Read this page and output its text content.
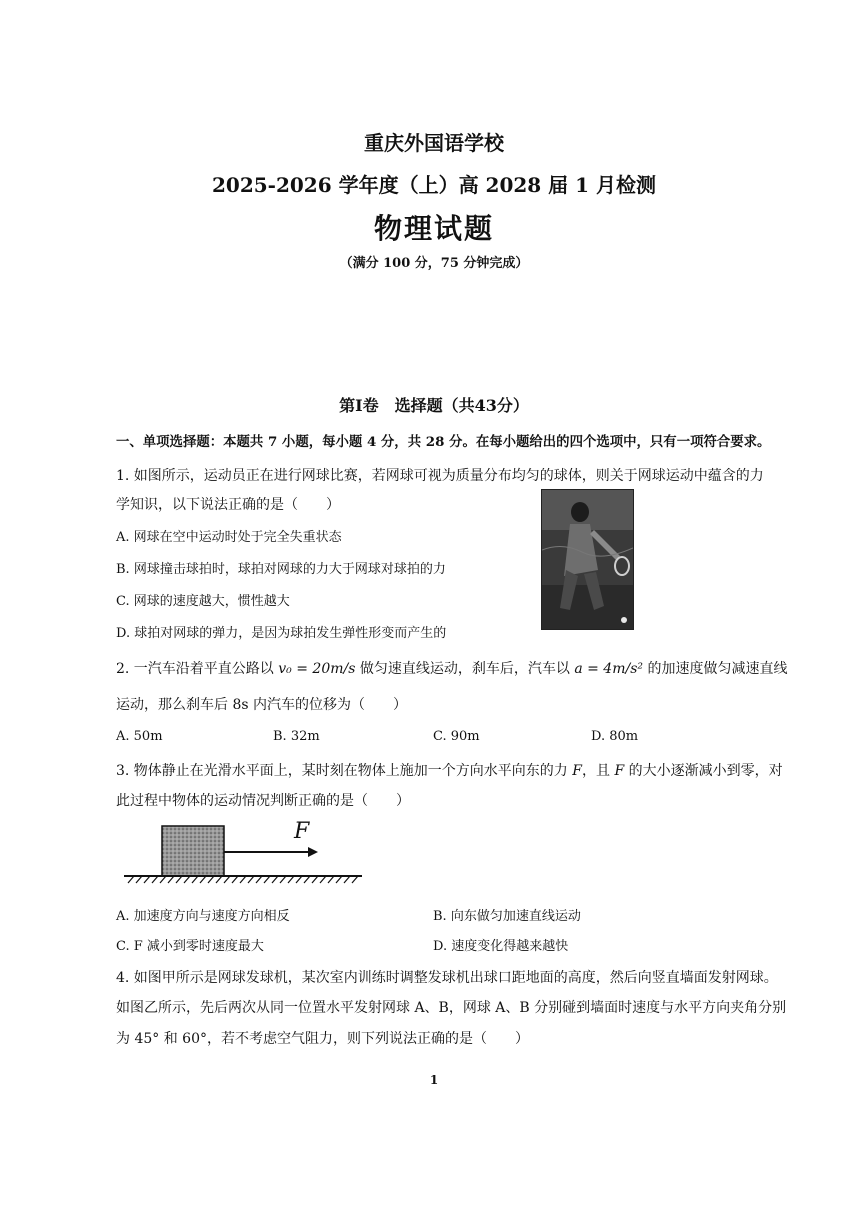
重庆外国语学校
2025-2026 学年度（上）高 2028 届 1 月检测
物理试题
（满分 100 分，75 分钟完成）
第Ⅰ卷　选择题（共43分）
一、单项选择题：本题共 7 小题，每小题 4 分，共 28 分。在每小题给出的四个选项中，只有一项符合要求。
1. 如图所示，运动员正在进行网球比赛，若网球可视为质量分布均匀的球体，则关于网球运动中蕴含的力
学知识，以下说法正确的是（　　）
A. 网球在空中运动时处于完全失重状态
B. 网球撞击球拍时，球拍对网球的力大于网球对球拍的力
C. 网球的速度越大，惯性越大
D. 球拍对网球的弹力，是因为球拍发生弹性形变而产生的
2. 一汽车沿着平直公路以 v₀ = 20m/s 做匀速直线运动，刹车后，汽车以 a = 4m/s² 的加速度做匀减速直线
运动，那么刹车后 8s 内汽车的位移为（　　）
A. 50m	B. 32m	C. 90m	D. 80m
3. 物体静止在光滑水平面上，某时刻在物体上施加一个方向水平向东的力 F，且 F 的大小逐渐减小到零，对
此过程中物体的运动情况判断正确的是（　　）
F
A. 加速度方向与速度方向相反	B. 向东做匀加速直线运动
C. F 减小到零时速度最大	D. 速度变化得越来越快
4. 如图甲所示是网球发球机，某次室内训练时调整发球机出球口距地面的高度，然后向竖直墙面发射网球。
如图乙所示，先后两次从同一位置水平发射网球 A、B，网球 A、B 分别碰到墙面时速度与水平方向夹角分别
为 45° 和 60°，若不考虑空气阻力，则下列说法正确的是（　　）
1
